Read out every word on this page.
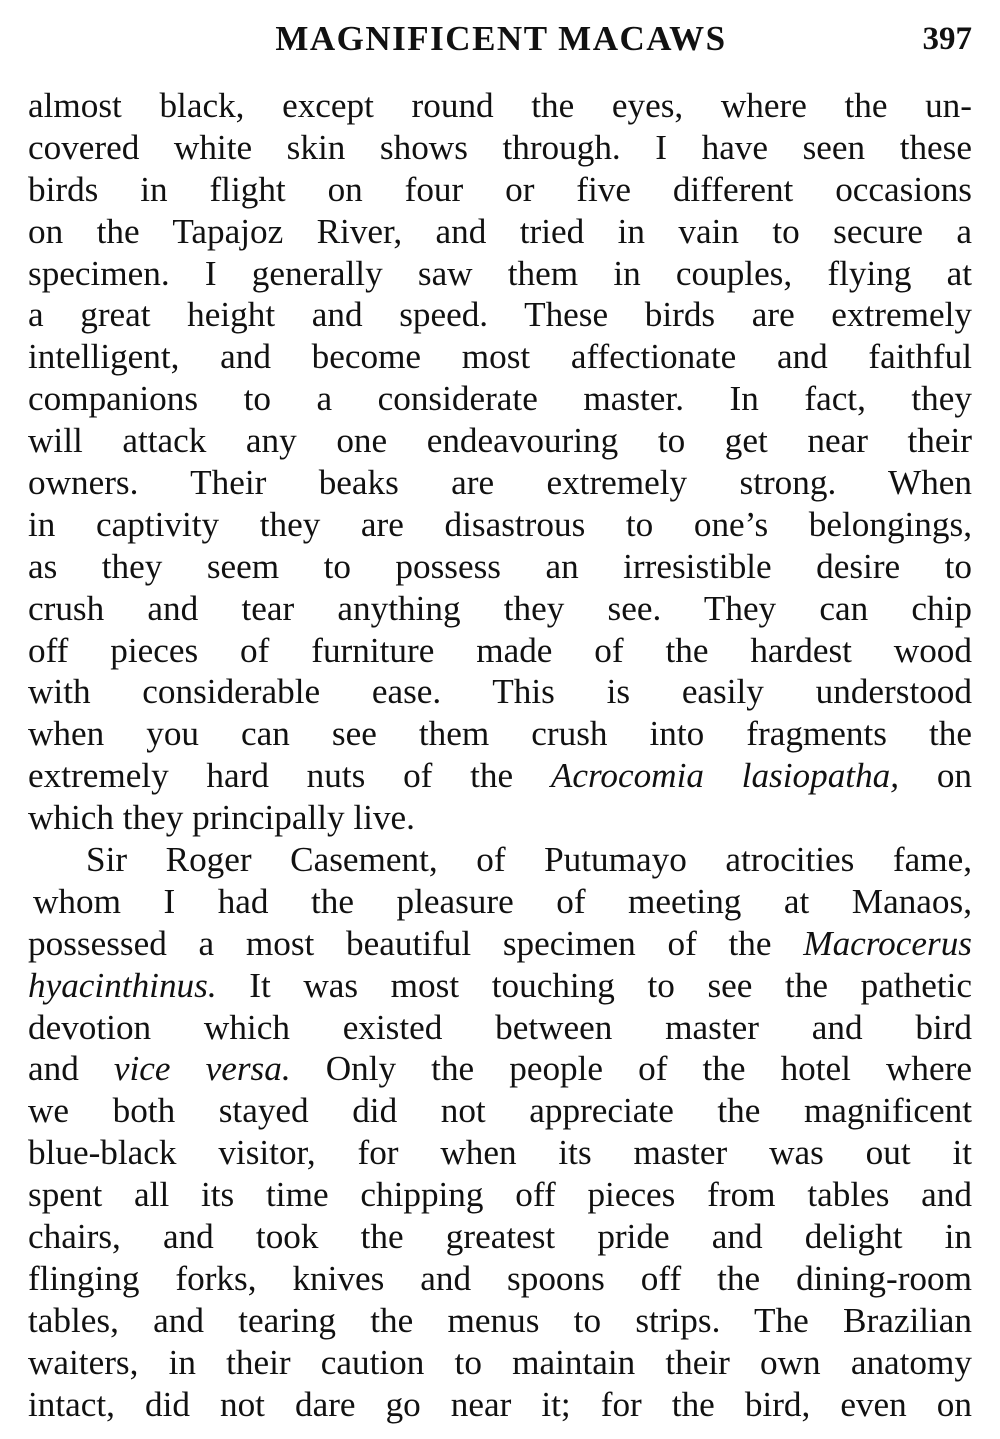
MAGNIFICENT MACAWS	397
almost black, except round the eyes, where the un-
covered white skin shows through. I have seen these
birds in flight on four or five different occasions
on the Tapajoz River, and tried in vain to secure a
specimen. I generally saw them in couples, flying at
a great height and speed. These birds are extremely
intelligent, and become most affectionate and faithful
companions to a considerate master. In fact, they
will attack any one endeavouring to get near their
owners. Their beaks are extremely strong. When
in captivity they are disastrous to one’s belongings,
as they seem to possess an irresistible desire to
crush and tear anything they see. They can chip
off pieces of furniture made of the hardest wood
with considerable ease. This is easily understood
when you can see them crush into fragments the
extremely hard nuts of the Acrocomia lasiopatha, on
which they principally live.
Sir Roger Casement, of Putumayo atrocities fame,
whom I had the pleasure of meeting at Manaos,
possessed a most beautiful specimen of the Macrocerus
hyacinthinus. It was most touching to see the pathetic
devotion which existed between master and bird
and vice versa. Only the people of the hotel where
we both stayed did not appreciate the magnificent
blue-black visitor, for when its master was out it
spent all its time chipping off pieces from tables and
chairs, and took the greatest pride and delight in
flinging forks, knives and spoons off the dining-room
tables, and tearing the menus to strips. The Brazilian
waiters, in their caution to maintain their own anatomy
intact, did not dare go near it; for the bird, even on
